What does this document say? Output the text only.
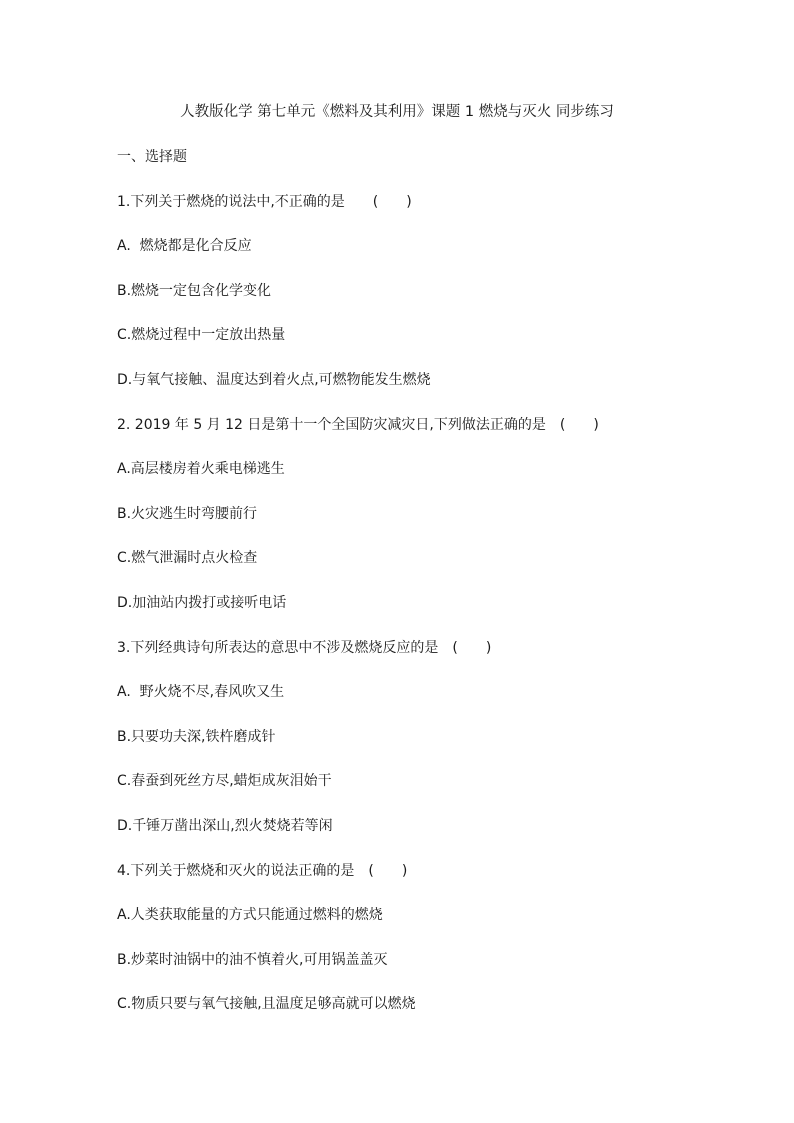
人教版化学 第七单元《燃料及其利用》课题 1 燃烧与灭火 同步练习
一、选择题
1.下列关于燃烧的说法中,不正确的是　　(　　)
A.  燃烧都是化合反应
B.燃烧一定包含化学变化
C.燃烧过程中一定放出热量
D.与氧气接触、温度达到着火点,可燃物能发生燃烧
2. 2019 年 5 月 12 日是第十一个全国防灾减灾日,下列做法正确的是　(　　)
A.高层楼房着火乘电梯逃生
B.火灾逃生时弯腰前行
C.燃气泄漏时点火检查
D.加油站内拨打或接听电话
3.下列经典诗句所表达的意思中不涉及燃烧反应的是　(　　)
A.  野火烧不尽,春风吹又生
B.只要功夫深,铁杵磨成针
C.春蚕到死丝方尽,蜡炬成灰泪始干
D.千锤万凿出深山,烈火焚烧若等闲
4.下列关于燃烧和灭火的说法正确的是　(　　)
A.人类获取能量的方式只能通过燃料的燃烧
B.炒菜时油锅中的油不慎着火,可用锅盖盖灭
C.物质只要与氧气接触,且温度足够高就可以燃烧
